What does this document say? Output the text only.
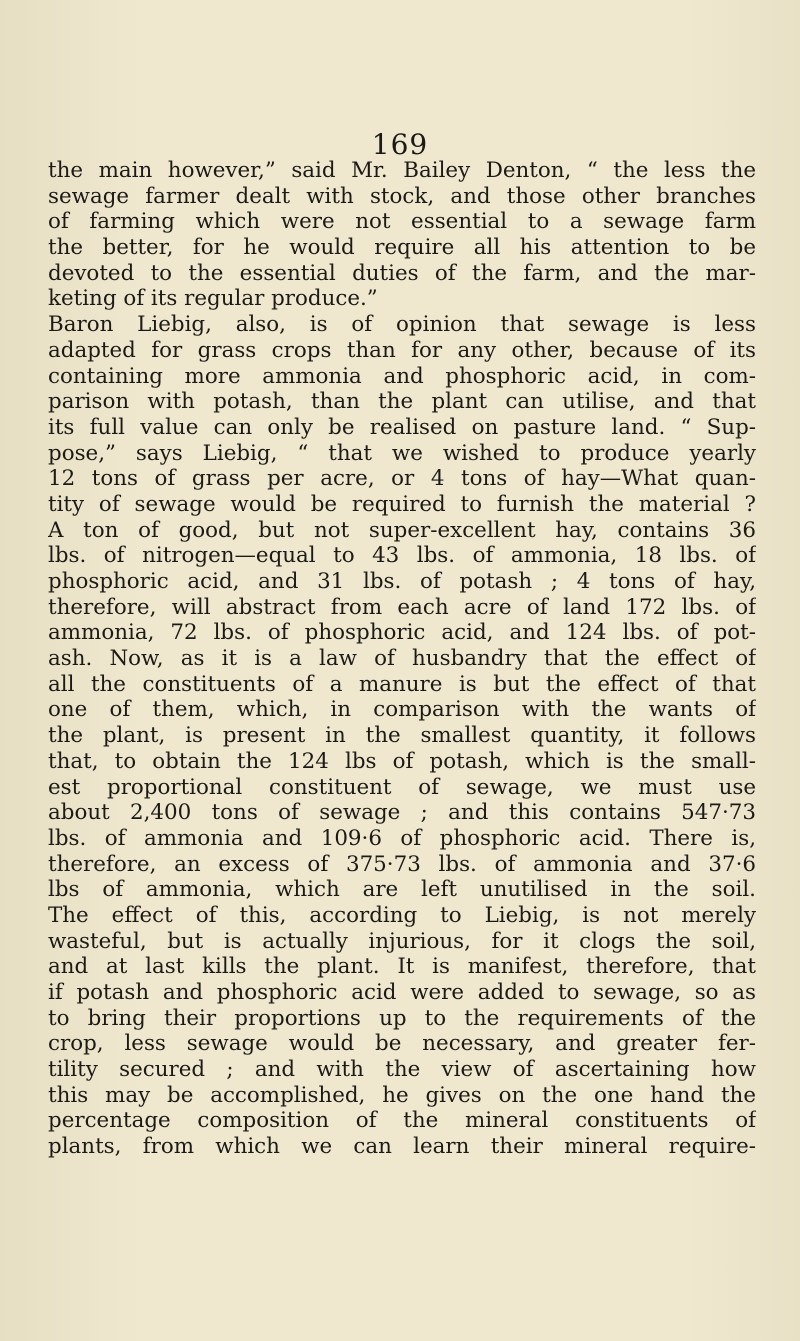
169
the main however,” said Mr. Bailey Denton, “ the less the
sewage farmer dealt with stock, and those other branches
of farming which were not essential to a sewage farm
the better, for he would require all his attention to be
devoted to the essential duties of the farm, and the mar-
keting of its regular produce.”
Baron Liebig, also, is of opinion that sewage is less
adapted for grass crops than for any other, because of its
containing more ammonia and phosphoric acid, in com-
parison with potash, than the plant can utilise, and that
its full value can only be realised on pasture land. “ Sup-
pose,” says Liebig, “ that we wished to produce yearly
12 tons of grass per acre, or 4 tons of hay—What quan-
tity of sewage would be required to furnish the material ?
A ton of good, but not super-excellent hay, contains 36
lbs. of nitrogen—equal to 43 lbs. of ammonia, 18 lbs. of
phosphoric acid, and 31 lbs. of potash ; 4 tons of hay,
therefore, will abstract from each acre of land 172 lbs. of
ammonia, 72 lbs. of phosphoric acid, and 124 lbs. of pot-
ash. Now, as it is a law of husbandry that the effect of
all the constituents of a manure is but the effect of that
one of them, which, in comparison with the wants of
the plant, is present in the smallest quantity, it follows
that, to obtain the 124 lbs of potash, which is the small-
est proportional constituent of sewage, we must use
about 2,400 tons of sewage ; and this contains 547·73
lbs. of ammonia and 109·6 of phosphoric acid. There is,
therefore, an excess of 375·73 lbs. of ammonia and 37·6
lbs of ammonia, which are left unutilised in the soil.
The effect of this, according to Liebig, is not merely
wasteful, but is actually injurious, for it clogs the soil,
and at last kills the plant. It is manifest, therefore, that
if potash and phosphoric acid were added to sewage, so as
to bring their proportions up to the requirements of the
crop, less sewage would be necessary, and greater fer-
tility secured ; and with the view of ascertaining how
this may be accomplished, he gives on the one hand the
percentage composition of the mineral constituents of
plants, from which we can learn their mineral require-
